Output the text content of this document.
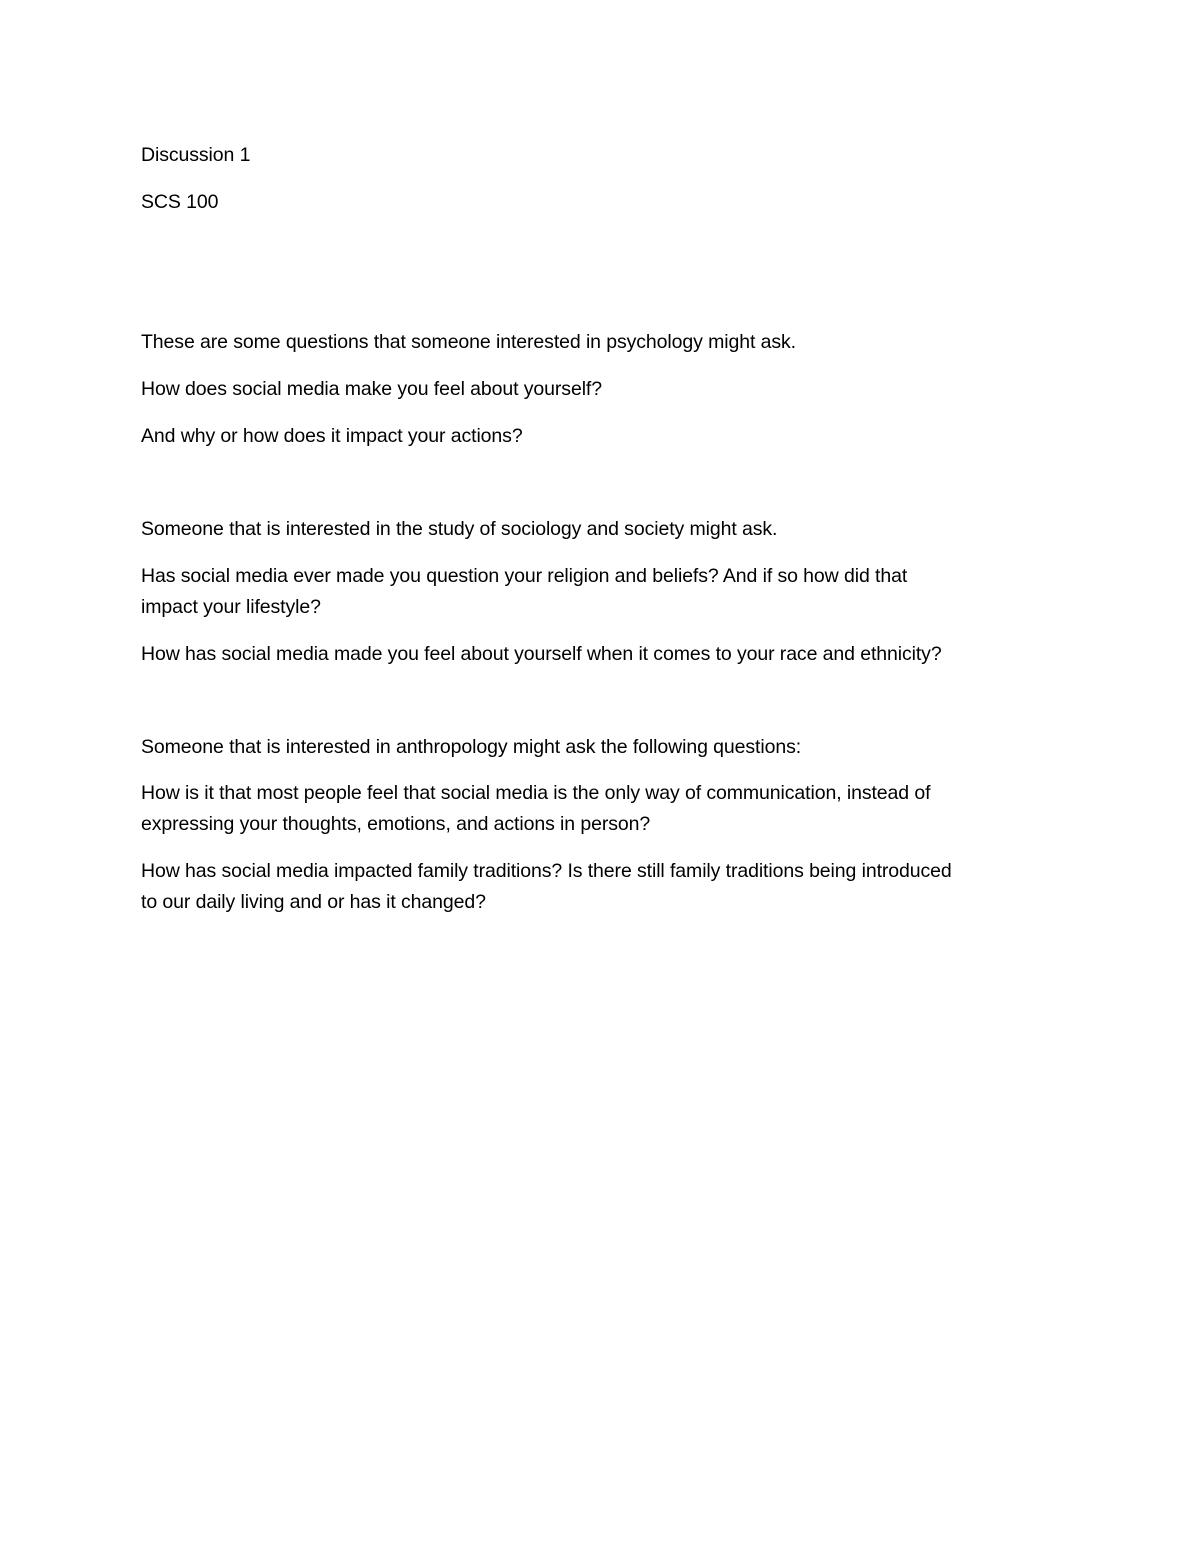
Discussion 1
SCS 100
These are some questions that someone interested in psychology might ask.
How does social media make you feel about yourself?
And why or how does it impact your actions?
Someone that is interested in the study of sociology and society might ask.
Has social media ever made you question your religion and beliefs? And if so how did that
impact your lifestyle?
How has social media made you feel about yourself when it comes to your race and ethnicity?
Someone that is interested in anthropology might ask the following questions:
How is it that most people feel that social media is the only way of communication, instead of
expressing your thoughts, emotions, and actions in person?
How has social media impacted family traditions? Is there still family traditions being introduced
to our daily living and or has it changed?
